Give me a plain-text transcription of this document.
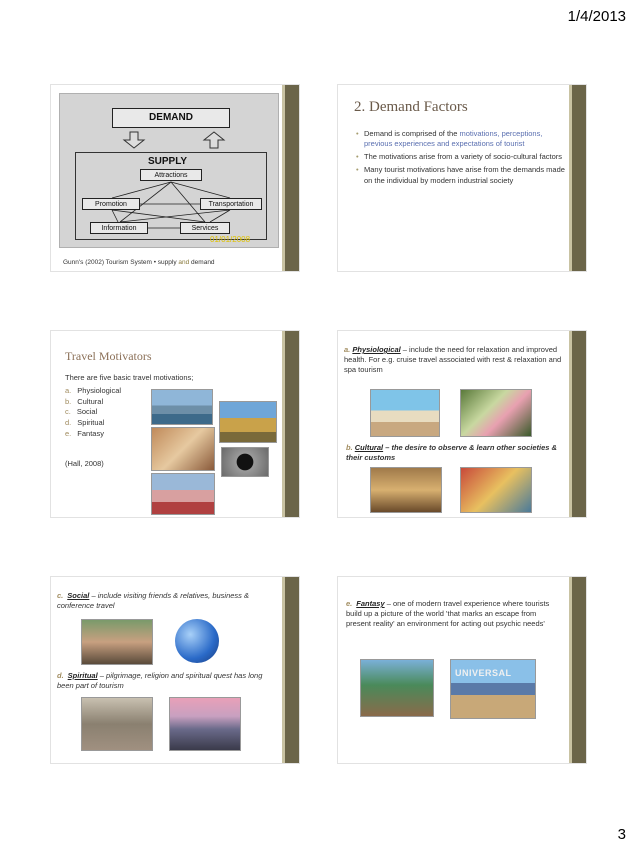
1/4/2013
DEMAND
SUPPLY
Attractions
Promotion	Transportation
Information	Services
01/01/2008
Gunn's (2002) Tourism System • supply and demand
2. Demand Factors
• Demand is comprised of the motivations, perceptions, previous experiences and expectations of tourist
• The motivations arise from a variety of socio-cultural factors
• Many tourist motivations have arise from the demands made on the individual by modern industrial society
Travel Motivators
There are five basic travel motivations;
a. Physiological
b. Cultural
c. Social
d. Spiritual
e. Fantasy
(Hall, 2008)
a. Physiological – include the need for relaxation and improved health. For e.g. cruise travel associated with rest & relaxation and spa tourism
b. Cultural – the desire to observe & learn other societies & their customs
c. Social – include visiting friends & relatives, business & conference travel
d. Spiritual – pilgrimage, religion and spiritual quest has long been part of tourism
e. Fantasy – one of modern travel experience where tourists build up a picture of the world 'that marks an escape from present reality' an environment for acting out psychic needs'
UNIVERSAL
3
